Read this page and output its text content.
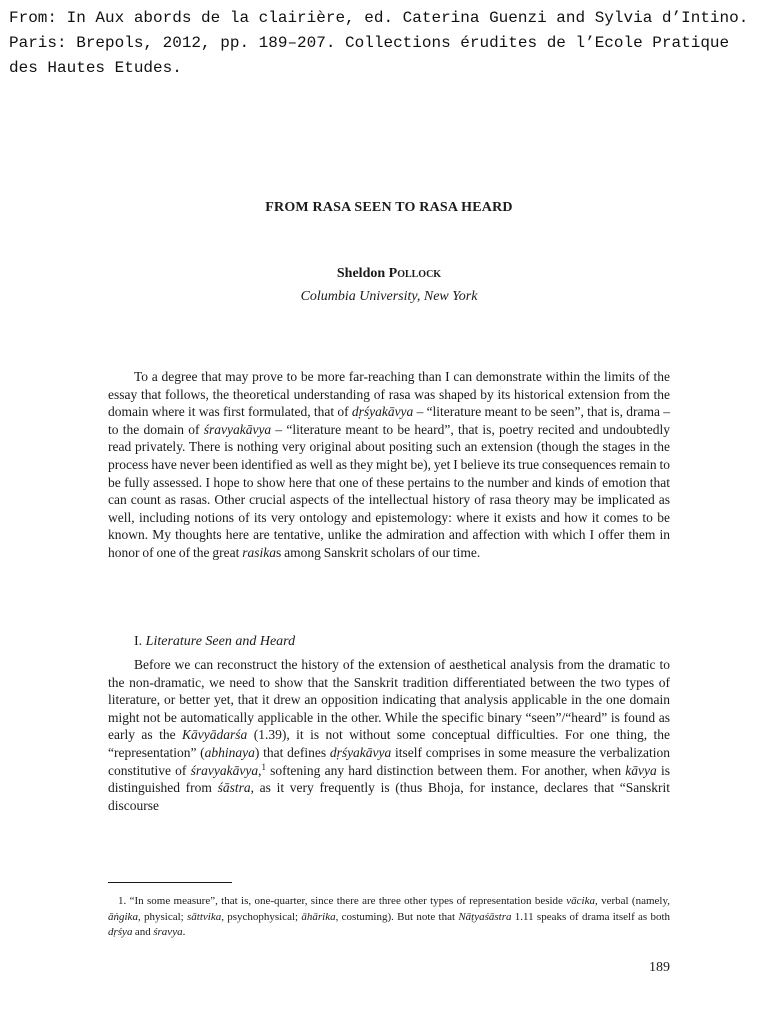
From: In Aux abords de la clairière, ed. Caterina Guenzi and Sylvia d’Intino. Paris: Brepols, 2012, pp. 189–207. Collections érudites de l’Ecole Pratique des Hautes Etudes.
FROM RASA SEEN TO RASA HEARD
Sheldon Pollock
Columbia University, New York

To a degree that may prove to be more far-reaching than I can demonstrate within the limits of the essay that follows, the theoretical understanding of rasa was shaped by its historical extension from the domain where it was first formulated, that of dṛśyakāvya – “literature meant to be seen”, that is, drama – to the domain of śravyakāvya – “literature meant to be heard”, that is, poetry recited and undoubtedly read privately. There is nothing very original about positing such an extension (though the stages in the process have never been identified as well as they might be), yet I believe its true consequences remain to be fully assessed. I hope to show here that one of these pertains to the number and kinds of emotion that can count as rasas. Other crucial aspects of the intellectual history of rasa theory may be implicated as well, including notions of its very ontology and epistemology: where it exists and how it comes to be known. My thoughts here are tentative, unlike the admiration and affection with which I offer them in honor of one of the great rasikas among Sanskrit scholars of our time.

I. Literature Seen and Heard

Before we can reconstruct the history of the extension of aesthetical analysis from the dramatic to the non-dramatic, we need to show that the Sanskrit tradition differentiated between the two types of literature, or better yet, that it drew an opposition indicating that analysis applicable in the one domain might not be automatically applicable in the other. While the specific binary “seen”/“heard” is found as early as the Kāvyādarśa (1.39), it is not without some conceptual difficulties. For one thing, the “representation” (abhinaya) that defines dṛśyakāvya itself comprises in some measure the verbalization constitutive of śravyakāvya,$^1$ softening any hard distinction between them. For another, when kāvya is distinguished from śāstra, as it very frequently is (thus Bhoja, for instance, declares that “Sanskrit discourse

1. “In some measure”, that is, one-quarter, since there are three other types of representation beside vācika, verbal (namely, āṅgika, physical; sāttvika, psychophysical; āhārika, costuming). But note that Nāṭyaśāstra 1.11 speaks of drama itself as both dṛśya and śravya.

189
